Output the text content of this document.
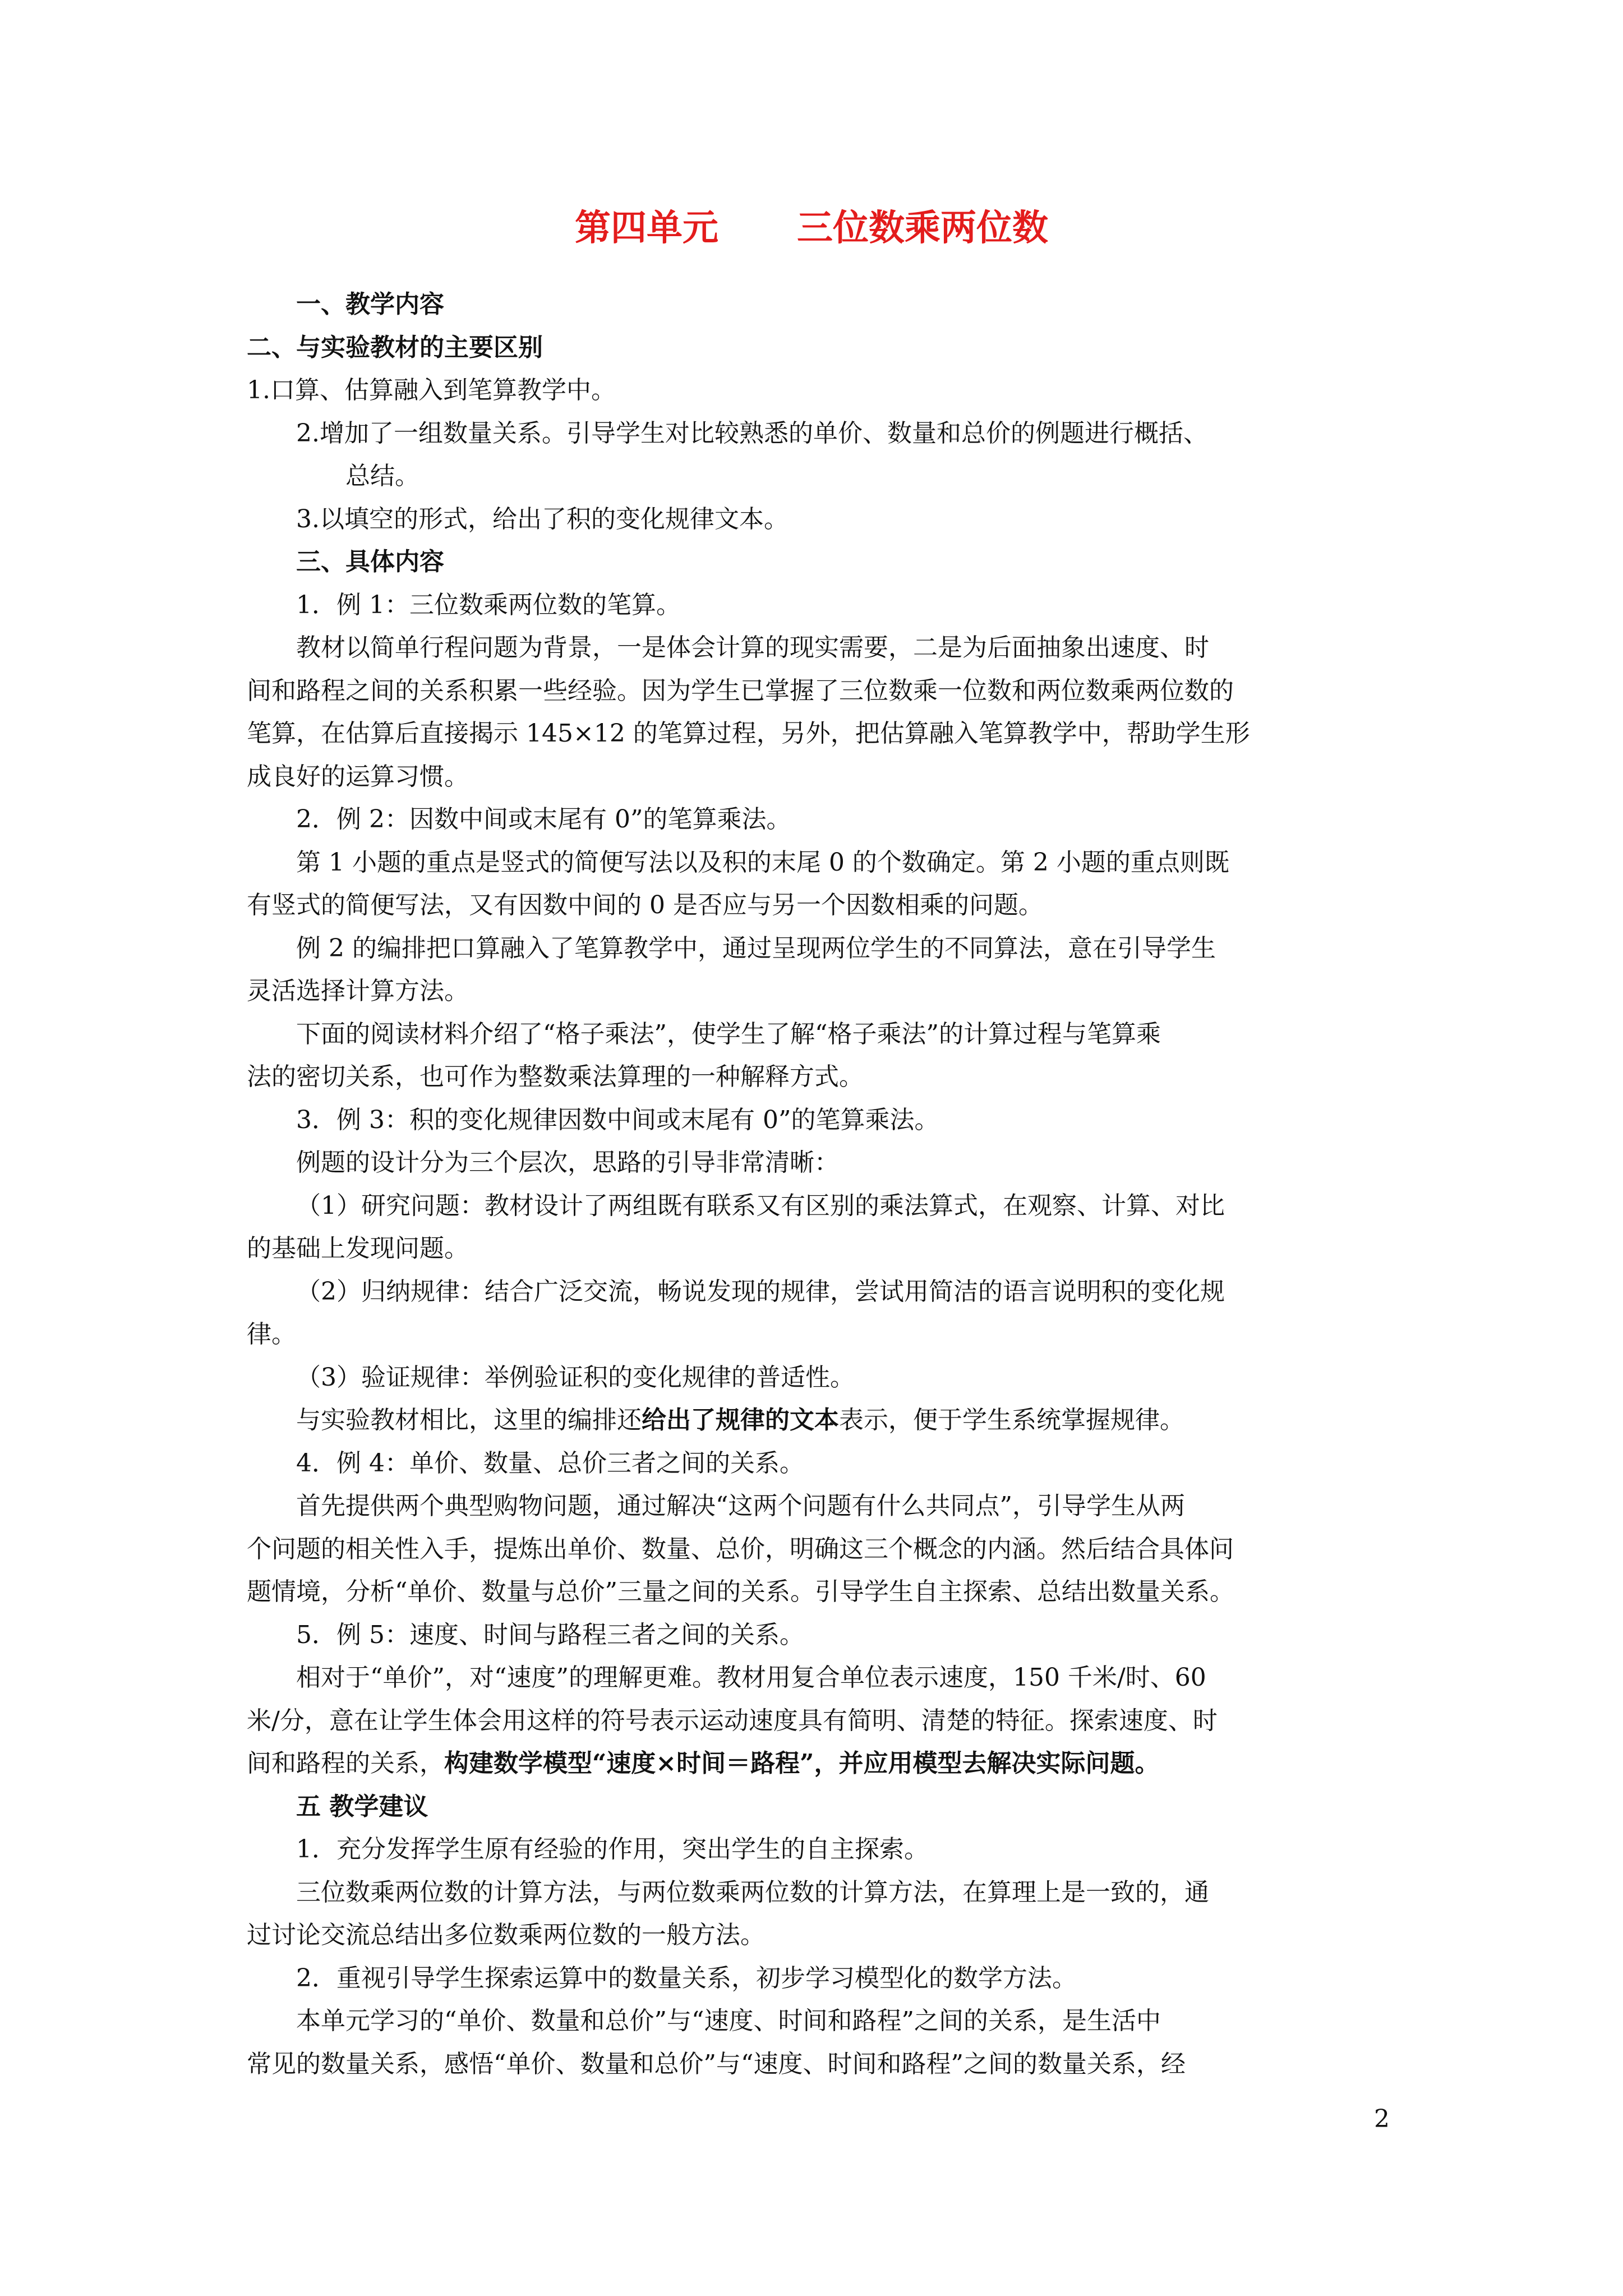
第四单元 三位数乘两位数

一、教学内容

二、与实验教材的主要区别

1.口算、估算融入到笔算教学中。

2.增加了一组数量关系。引导学生对比较熟悉的单价、数量和总价的例题进行概括、

总结。

3.以填空的形式，给出了积的变化规律文本。

三、具体内容

1．例 1：三位数乘两位数的笔算。

教材以简单行程问题为背景，一是体会计算的现实需要，二是为后面抽象出速度、时

间和路程之间的关系积累一些经验。因为学生已掌握了三位数乘一位数和两位数乘两位数的

笔算，在估算后直接揭示 145×12 的笔算过程，另外，把估算融入笔算教学中，帮助学生形

成良好的运算习惯。

2．例 2：因数中间或末尾有 0”的笔算乘法。

第 1 小题的重点是竖式的简便写法以及积的末尾 0 的个数确定。第 2 小题的重点则既

有竖式的简便写法，又有因数中间的 0 是否应与另一个因数相乘的问题。

例 2 的编排把口算融入了笔算教学中，通过呈现两位学生的不同算法，意在引导学生

灵活选择计算方法。

下面的阅读材料介绍了“格子乘法”，使学生了解“格子乘法”的计算过程与笔算乘

法的密切关系，也可作为整数乘法算理的一种解释方式。

3．例 3：积的变化规律因数中间或末尾有 0”的笔算乘法。

例题的设计分为三个层次，思路的引导非常清晰：

（1）研究问题：教材设计了两组既有联系又有区别的乘法算式，在观察、计算、对比

的基础上发现问题。

（2）归纳规律：结合广泛交流，畅说发现的规律，尝试用简洁的语言说明积的变化规

律。

（3）验证规律：举例验证积的变化规律的普适性。

与实验教材相比，这里的编排还给出了规律的文本表示，便于学生系统掌握规律。

4．例 4：单价、数量、总价三者之间的关系。

首先提供两个典型购物问题，通过解决“这两个问题有什么共同点”，引导学生从两

个问题的相关性入手，提炼出单价、数量、总价，明确这三个概念的内涵。然后结合具体问

题情境，分析“单价、数量与总价”三量之间的关系。引导学生自主探索、总结出数量关系。

5．例 5：速度、时间与路程三者之间的关系。

相对于“单价”，对“速度”的理解更难。教材用复合单位表示速度，150 千米/时、60

米/分，意在让学生体会用这样的符号表示运动速度具有简明、清楚的特征。探索速度、时

间和路程的关系，构建数学模型“速度×时间＝路程”，并应用模型去解决实际问题。

五 教学建议

1．充分发挥学生原有经验的作用，突出学生的自主探索。

三位数乘两位数的计算方法，与两位数乘两位数的计算方法，在算理上是一致的，通

过讨论交流总结出多位数乘两位数的一般方法。

2．重视引导学生探索运算中的数量关系，初步学习模型化的数学方法。

本单元学习的“单价、数量和总价”与“速度、时间和路程”之间的关系，是生活中

常见的数量关系，感悟“单价、数量和总价”与“速度、时间和路程”之间的数量关系，经

2
